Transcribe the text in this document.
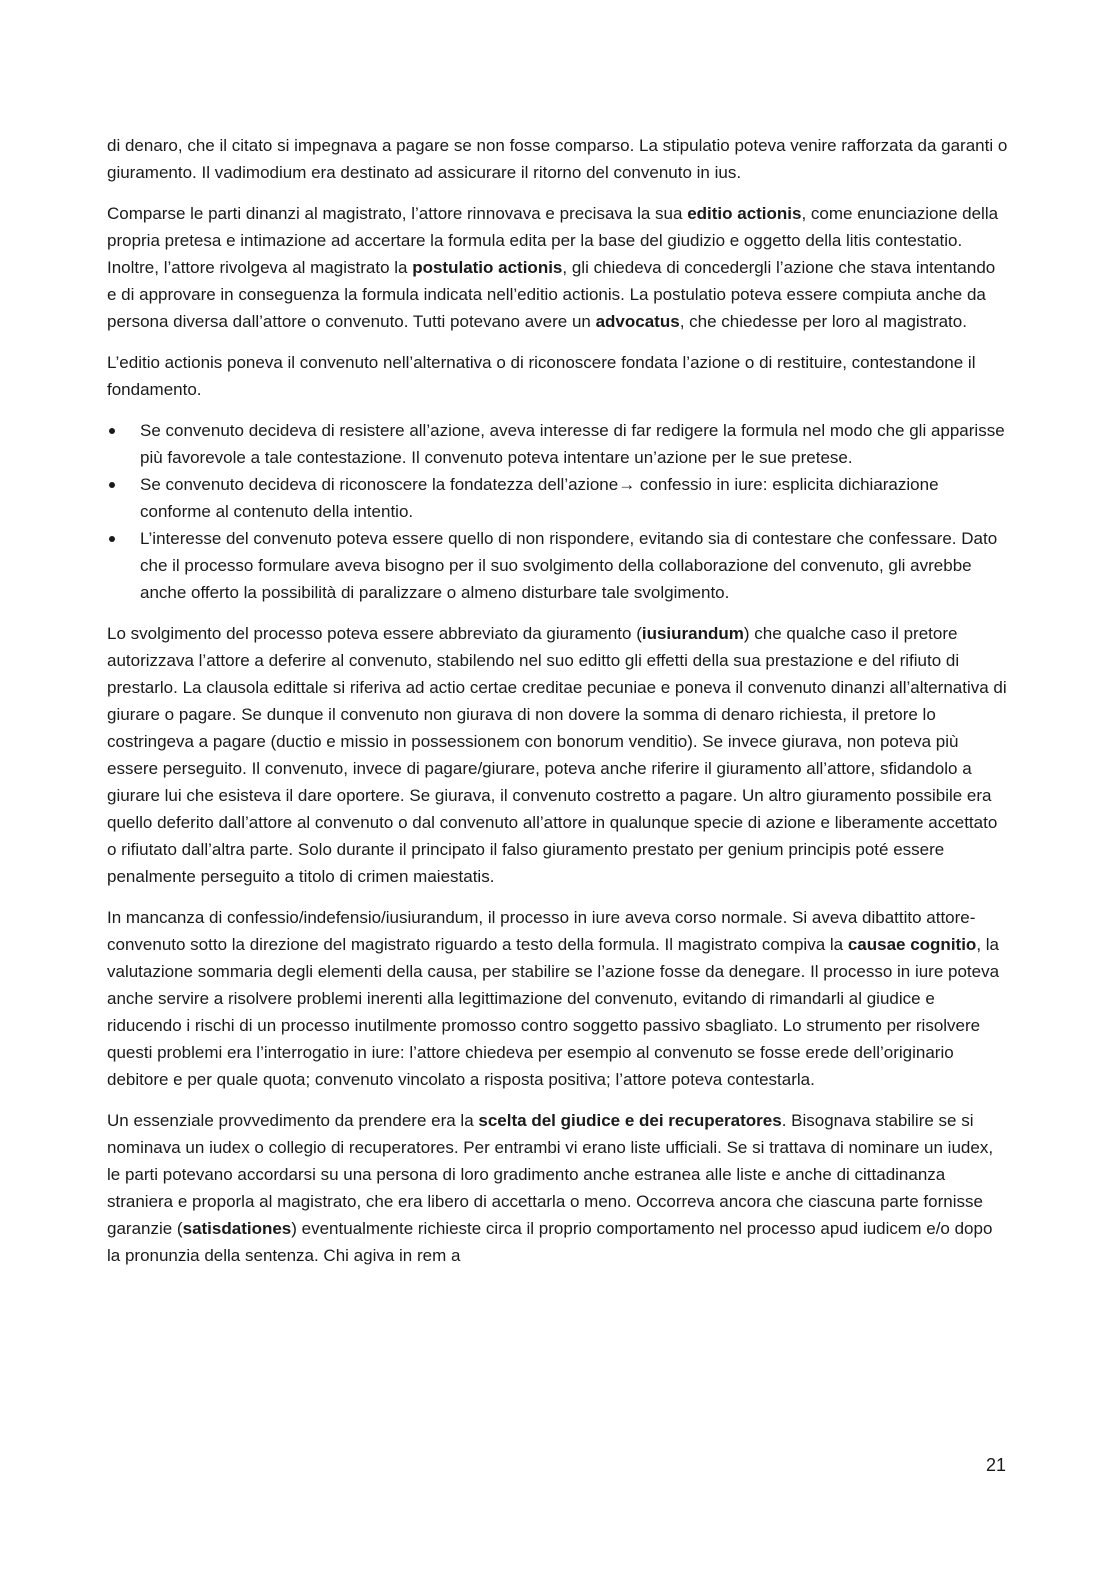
di denaro, che il citato si impegnava a pagare se non fosse comparso. La stipulatio poteva venire rafforzata da garanti o giuramento. Il vadimodium era destinato ad assicurare il ritorno del convenuto in ius.

Comparse le parti dinanzi al magistrato, l’attore rinnovava e precisava la sua editio actionis, come enunciazione della propria pretesa e intimazione ad accertare la formula edita per la base del giudizio e oggetto della litis contestatio. Inoltre, l’attore rivolgeva al magistrato la postulatio actionis, gli chiedeva di concedergli l’azione che stava intentando e di approvare in conseguenza la formula indicata nell’editio actionis. La postulatio poteva essere compiuta anche da persona diversa dall’attore o convenuto. Tutti potevano avere un advocatus, che chiedesse per loro al magistrato.

L’editio actionis poneva il convenuto nell’alternativa o di riconoscere fondata l’azione o di restituire, contestandone il fondamento.

Se convenuto decideva di resistere all’azione, aveva interesse di far redigere la formula nel modo che gli apparisse più favorevole a tale contestazione. Il convenuto poteva intentare un’azione per le sue pretese.
Se convenuto decideva di riconoscere la fondatezza dell’azione→ confessio in iure: esplicita dichiarazione conforme al contenuto della intentio.
L’interesse del convenuto poteva essere quello di non rispondere, evitando sia di contestare che confessare. Dato che il processo formulare aveva bisogno per il suo svolgimento della collaborazione del convenuto, gli avrebbe anche offerto la possibilità di paralizzare o almeno disturbare tale svolgimento.

Lo svolgimento del processo poteva essere abbreviato da giuramento (iusiurandum) che qualche caso il pretore autorizzava l’attore a deferire al convenuto, stabilendo nel suo editto gli effetti della sua prestazione e del rifiuto di prestarlo. La clausola edittale si riferiva ad actio certae creditae pecuniae e poneva il convenuto dinanzi all’alternativa di giurare o pagare. Se dunque il convenuto non giurava di non dovere la somma di denaro richiesta, il pretore lo costringeva a pagare (ductio e missio in possessionem con bonorum venditio). Se invece giurava, non poteva più essere perseguito. Il convenuto, invece di pagare/giurare, poteva anche riferire il giuramento all’attore, sfidandolo a giurare lui che esisteva il dare oportere. Se giurava, il convenuto costretto a pagare. Un altro giuramento possibile era quello deferito dall’attore al convenuto o dal convenuto all’attore in qualunque specie di azione e liberamente accettato o rifiutato dall’altra parte. Solo durante il principato il falso giuramento prestato per genium principis poté essere penalmente perseguito a titolo di crimen maiestatis.

In mancanza di confessio/indefensio/iusiurandum, il processo in iure aveva corso normale. Si aveva dibattito attore-convenuto sotto la direzione del magistrato riguardo a testo della formula. Il magistrato compiva la causae cognitio, la valutazione sommaria degli elementi della causa, per stabilire se l’azione fosse da denegare. Il processo in iure poteva anche servire a risolvere problemi inerenti alla legittimazione del convenuto, evitando di rimandarli al giudice e riducendo i rischi di un processo inutilmente promosso contro soggetto passivo sbagliato. Lo strumento per risolvere questi problemi era l’interrogatio in iure: l’attore chiedeva per esempio al convenuto se fosse erede dell’originario debitore e per quale quota; convenuto vincolato a risposta positiva; l’attore poteva contestarla.

Un essenziale provvedimento da prendere era la scelta del giudice e dei recuperatores. Bisognava stabilire se si nominava un iudex o collegio di recuperatores. Per entrambi vi erano liste ufficiali. Se si trattava di nominare un iudex, le parti potevano accordarsi su una persona di loro gradimento anche estranea alle liste e anche di cittadinanza straniera e proporla al magistrato, che era libero di accettarla o meno. Occorreva ancora che ciascuna parte fornisse garanzie (satisdationes) eventualmente richieste circa il proprio comportamento nel processo apud iudicem e/o dopo la pronunzia della sentenza. Chi agiva in rem a

21
